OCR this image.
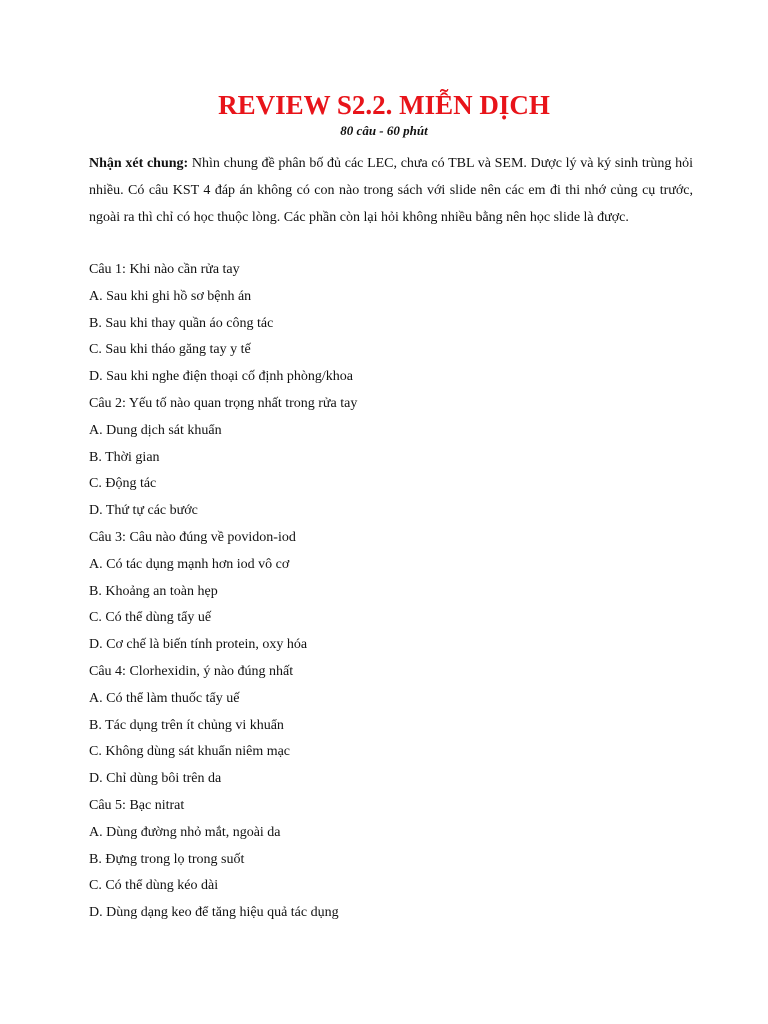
REVIEW S2.2. MIỄN DỊCH
80 câu - 60 phút

Nhận xét chung: Nhìn chung đề phân bố đủ các LEC, chưa có TBL và SEM. Dược lý và ký sinh trùng hỏi nhiều. Có câu KST 4 đáp án không có con nào trong sách với slide nên các em đi thi nhớ củng cụ trước, ngoài ra thì chỉ có học thuộc lòng. Các phần còn lại hỏi không nhiều bằng nên học slide là được.

Câu 1: Khi nào cần rửa tay
A. Sau khi ghi hồ sơ bệnh án
B. Sau khi thay quần áo công tác
C. Sau khi tháo găng tay y tế
D. Sau khi nghe điện thoại cố định phòng/khoa
Câu 2: Yếu tố nào quan trọng nhất trong rửa tay
A. Dung dịch sát khuẩn
B. Thời gian
C. Động tác
D. Thứ tự các bước
Câu 3: Câu nào đúng về povidon-iod
A. Có tác dụng mạnh hơn iod vô cơ
B. Khoảng an toàn hẹp
C. Có thể dùng tẩy uế
D. Cơ chế là biến tính protein, oxy hóa
Câu 4: Clorhexidin, ý nào đúng nhất
A. Có thể làm thuốc tẩy uế
B. Tác dụng trên ít chủng vi khuẩn
C. Không dùng sát khuẩn niêm mạc
D. Chỉ dùng bôi trên da
Câu 5: Bạc nitrat
A. Dùng đường nhỏ mắt, ngoài da
B. Đựng trong lọ trong suốt
C. Có thể dùng kéo dài
D. Dùng dạng keo để tăng hiệu quả tác dụng
